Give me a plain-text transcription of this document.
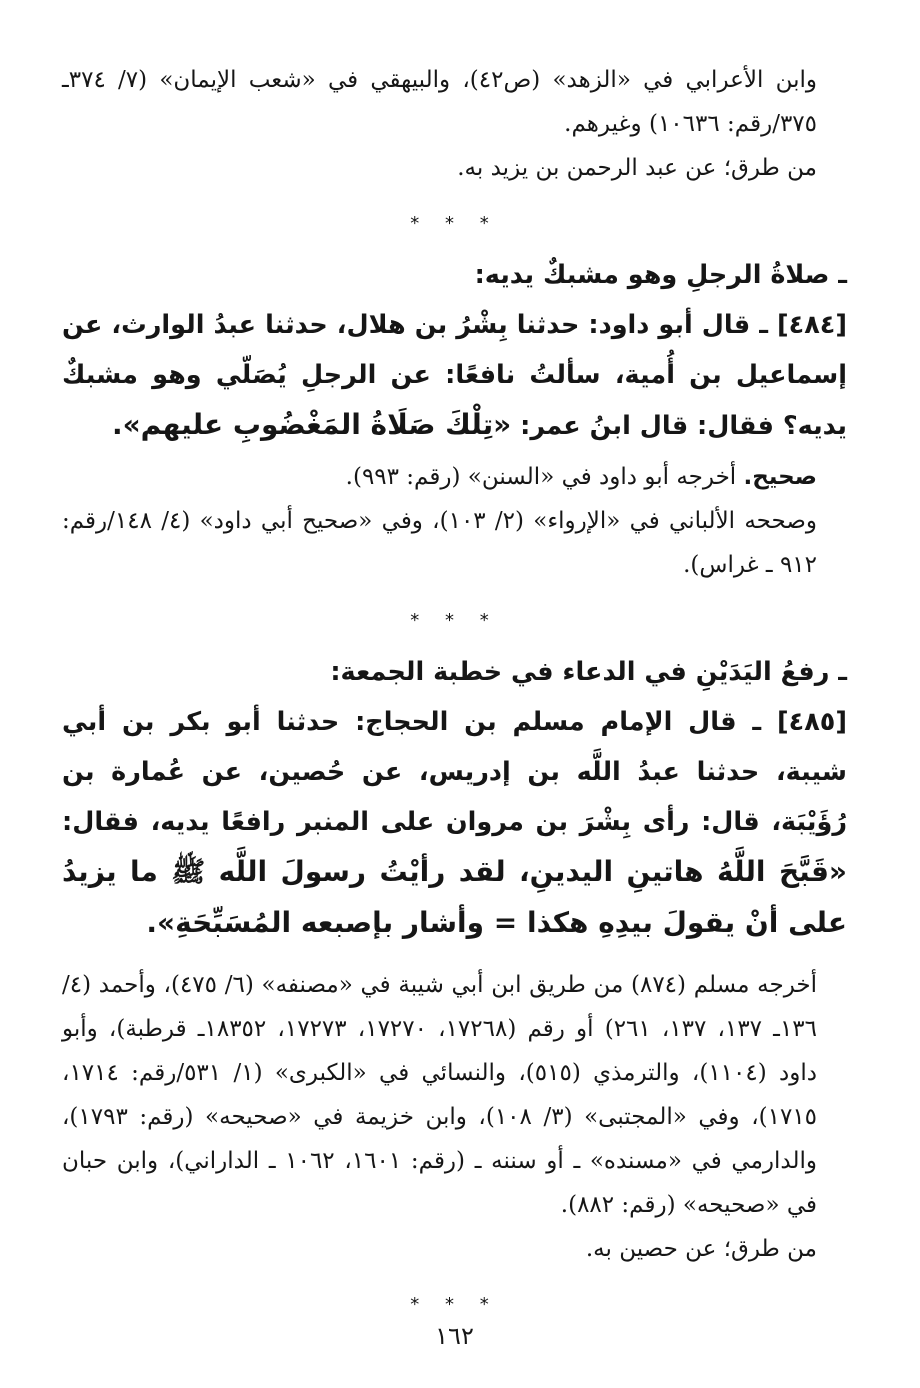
وابن الأعرابي في «الزهد» (ص٤٢)، والبيهقي في «شعب الإيمان» (٧/ ٣٧٤ـ ٣٧٥/رقم: ١٠٦٣٦) وغيرهم.

من طرق؛ عن عبد الرحمن بن يزيد به.

* * *

ـ صلاةُ الرجلِ وهو مشبكٌ يديه:

[٤٨٤] ـ قال أبو داود: حدثنا بِشْرُ بن هلال، حدثنا عبدُ الوارث، عن إسماعيل بن أُمية، سألتُ نافعًا: عن الرجلِ يُصَلّي وهو مشبكٌ يديه؟ فقال: قال ابنُ عمر: «تِلْكَ صَلَاةُ المَغْضُوبِ عليهم».

صحيح. أخرجه أبو داود في «السنن» (رقم: ٩٩٣).

وصححه الألباني في «الإرواء» (٢/ ١٠٣)، وفي «صحيح أبي داود» (٤/ ١٤٨/رقم: ٩١٢ ـ غراس).

* * *

ـ رفعُ اليَدَيْنِ في الدعاء في خطبة الجمعة:

[٤٨٥] ـ قال الإمام مسلم بن الحجاج: حدثنا أبو بكر بن أبي شيبة، حدثنا عبدُ اللَّه بن إدريس، عن حُصين، عن عُمارة بن رُؤَيْبَة، قال: رأى بِشْرَ بن مروان على المنبر رافعًا يديه، فقال: «قَبَّحَ اللَّهُ هاتينِ اليدينِ، لقد رأيْتُ رسولَ اللَّه ﷺ ما يزيدُ على أنْ يقولَ بيدِهِ هكذا = وأشار بإصبعه المُسَبِّحَةِ».

أخرجه مسلم (٨٧٤) من طريق ابن أبي شيبة في «مصنفه» (٦/ ٤٧٥)، وأحمد (٤/ ١٣٦ـ ١٣٧، ١٣٧، ٢٦١) أو رقم (١٧٢٦٨، ١٧٢٧٠، ١٧٢٧٣، ١٨٣٥٢ـ قرطبة)، وأبو داود (١١٠٤)، والترمذي (٥١٥)، والنسائي في «الكبرى» (١/ ٥٣١/رقم: ١٧١٤، ١٧١٥)، وفي «المجتبى» (٣/ ١٠٨)، وابن خزيمة في «صحيحه» (رقم: ١٧٩٣)، والدارمي في «مسنده» ـ أو سننه ـ (رقم: ١٦٠١، ١٠٦٢ ـ الداراني)، وابن حبان في «صحيحه» (رقم: ٨٨٢).

من طرق؛ عن حصين به.

* * *

١٦٢
